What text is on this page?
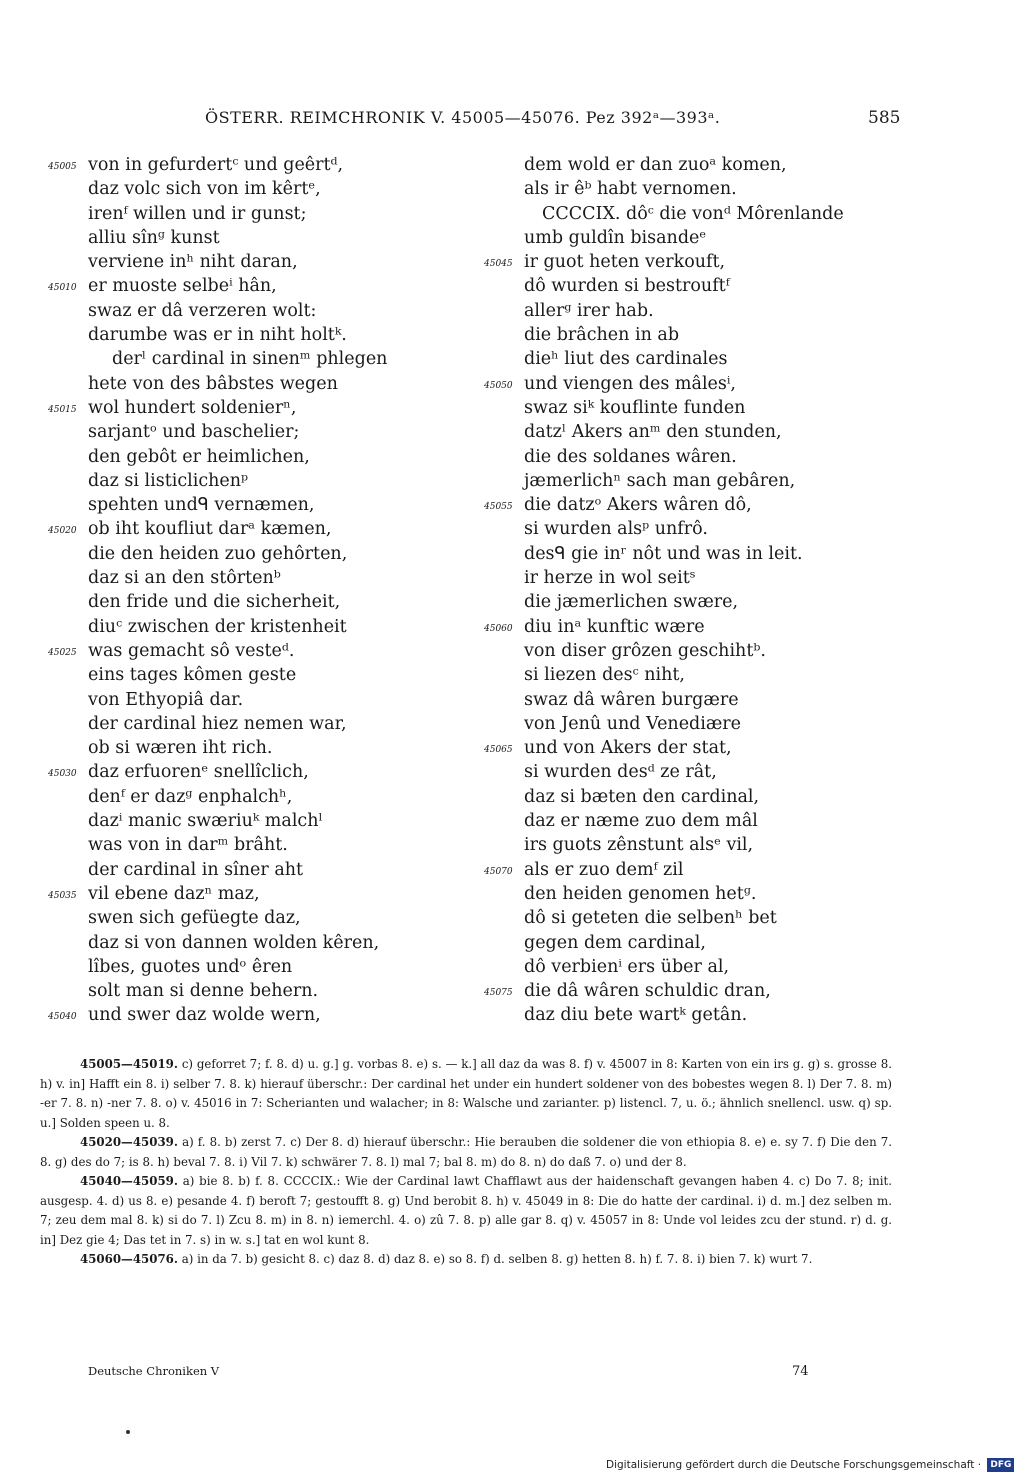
ÖSTERR. REIMCHRONIK V. 45005—45076. Pez 392ᵃ—393ᵃ.	585
45005 von in gefurdertᶜ und geêrtᵈ,
daz volc sich von im kêrtᵉ,
irenᶠ willen und ir gunst;
alliu sînᵍ kunst
verviene inʰ niht daran,
45010 er muoste selbeⁱ hân,
swaz er dâ verzeren wolt:
darumbe was er in niht holtᵏ.
derˡ cardinal in sinenᵐ phlegen
hete von des bâbstes wegen
45015 wol hundert soldenierⁿ,
sarjantᵒ und baschelier;
den gebôt er heimlichen,
daz si listiclichenᵖ
spehten undᑫ vernæmen,
45020 ob iht koufliut darᵃ kæmen,
die den heiden zuo gehôrten,
daz si an den stôrtenᵇ
den fride und die sicherheit,
diuᶜ zwischen der kristenheit
45025 was gemacht sô vesteᵈ.
eins tages kômen geste
von Ethyopiâ dar.
der cardinal hiez nemen war,
ob si wæren iht rich.
45030 daz erfuorenᵉ snellîclich,
denᶠ er dazᵍ enphalchʰ,
dazⁱ manic swæriuᵏ malchˡ
was von in darᵐ brâht.
der cardinal in sîner aht
45035 vil ebene dazⁿ maz,
swen sich gefüegte daz,
daz si von dannen wolden kêren,
lîbes, guotes undᵒ êren
solt man si denne behern.
45040 und swer daz wolde wern,
dem wold er dan zuoᵃ komen,
als ir êᵇ habt vernomen.
CCCCIX. dôᶜ die vonᵈ Môrenlande
umb guldîn bisandeᵉ
45045 ir guot heten verkouft,
dô wurden si bestrouftᶠ
allerᵍ irer hab.
die brâchen in ab
dieʰ liut des cardinales
45050 und viengen des mâlesⁱ,
swaz siᵏ kouflinte funden
datzˡ Akers anᵐ den stunden,
die des soldanes wâren.
jæmerlichⁿ sach man gebâren,
45055 die datzᵒ Akers wâren dô,
si wurden alsᵖ unfrô.
desᑫ gie inʳ nôt und was in leit.
ir herze in wol seitˢ
die jæmerlichen swære,
45060 diu inᵃ kunftic wære
von diser grôzen geschihtᵇ.
si liezen desᶜ niht,
swaz dâ wâren burgære
von Jenû und Venediære
45065 und von Akers der stat,
si wurden desᵈ ze rât,
daz si bæten den cardinal,
daz er næme zuo dem mâl
irs guots zênstunt alsᵉ vil,
45070 als er zuo demᶠ zil
den heiden genomen hetᵍ.
dô si geteten die selbenʰ bet
gegen dem cardinal,
dô verbienⁱ ers über al,
45075 die dâ wâren schuldic dran,
daz diu bete wartᵏ getân.

45005—45019. c) geforret 7; f. 8. d) u. g.] g. vorbas 8. e) s. — k.] all daz da was 8. f) v. 45007 in 8: Karten von ein irs g. g) s. grosse 8. h) v. in] Hafft ein 8. i) selber 7. 8. k) hierauf überschr.: Der cardinal het under ein hundert soldener von des bobestes wegen 8. l) Der 7. 8. m) -er 7. 8. n) -ner 7. 8. o) v. 45016 in 7: Scherianten und walacher; in 8: Walsche und zarianter. p) listencl. 7, u. ö.; ähnlich snellencl. usw. q) sp. u.] Solden speen u. 8.

45020—45039. a) f. 8. b) zerst 7. c) Der 8. d) hierauf überschr.: Hie berauben die soldener die von ethiopia 8. e) e. sy 7. f) Die den 7. 8. g) des do 7; is 8. h) beval 7. 8. i) Vil 7. k) schwärer 7. 8. l) mal 7; bal 8. m) do 8. n) do daß 7. o) und der 8.

45040—45059. a) bie 8. b) f. 8. CCCCIX.: Wie der Cardinal lawt Chafflawt aus der haidenschaft gevangen haben 4. c) Do 7. 8; init. ausgesp. 4. d) us 8. e) pesande 4. f) beroft 7; gestoufft 8. g) Und berobit 8. h) v. 45049 in 8: Die do hatte der cardinal. i) d. m.] dez selben m. 7; zeu dem mal 8. k) si do 7. l) Zcu 8. m) in 8. n) iemerchl. 4. o) zû 7. 8. p) alle gar 8. q) v. 45057 in 8: Unde vol leides zcu der stund. r) d. g. in] Dez gie 4; Das tet in 7. s) in w. s.] tat en wol kunt 8.

45060—45076. a) in da 7. b) gesicht 8. c) daz 8. d) daz 8. e) so 8. f) d. selben 8. g) hetten 8. h) f. 7. 8. i) bien 7. k) wurt 7.

Deutsche Chroniken V	74
Digitalisierung gefördert durch die Deutsche Forschungsgemeinschaft · DFG
